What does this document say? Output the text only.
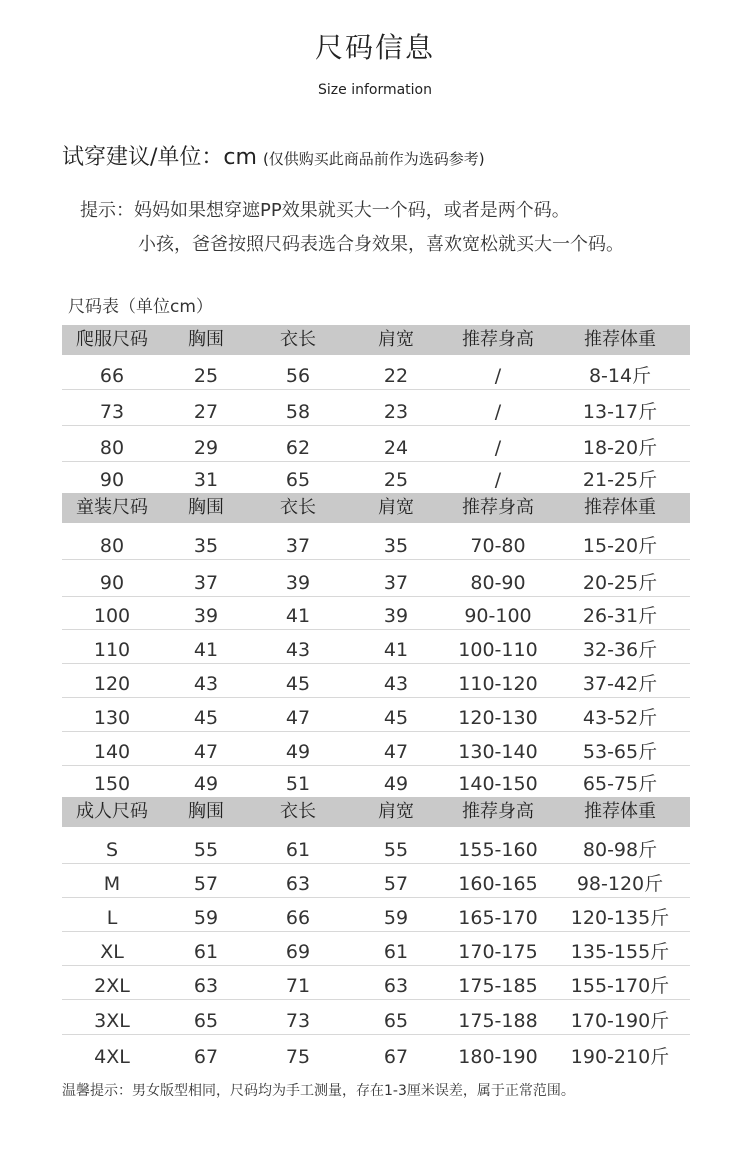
尺码信息
Size information
试穿建议/单位：cm (仅供购买此商品前作为选码参考)
提示：妈妈如果想穿遮PP效果就买大一个码，或者是两个码。
小孩，爸爸按照尺码表选合身效果，喜欢宽松就买大一个码。
尺码表（单位cm）
爬服尺码	胸围	衣长	肩宽	推荐身高	推荐体重
66	25	56	22	/	8-14斤
73	27	58	23	/	13-17斤
80	29	62	24	/	18-20斤
90	31	65	25	/	21-25斤
童装尺码	胸围	衣长	肩宽	推荐身高	推荐体重
80	35	37	35	70-80	15-20斤
90	37	39	37	80-90	20-25斤
100	39	41	39	90-100	26-31斤
110	41	43	41	100-110	32-36斤
120	43	45	43	110-120	37-42斤
130	45	47	45	120-130	43-52斤
140	47	49	47	130-140	53-65斤
150	49	51	49	140-150	65-75斤
成人尺码	胸围	衣长	肩宽	推荐身高	推荐体重
S	55	61	55	155-160	80-98斤
M	57	63	57	160-165	98-120斤
L	59	66	59	165-170	120-135斤
XL	61	69	61	170-175	135-155斤
2XL	63	71	63	175-185	155-170斤
3XL	65	73	65	175-188	170-190斤
4XL	67	75	67	180-190	190-210斤
温馨提示：男女版型相同，尺码均为手工测量，存在1-3厘米误差，属于正常范围。
